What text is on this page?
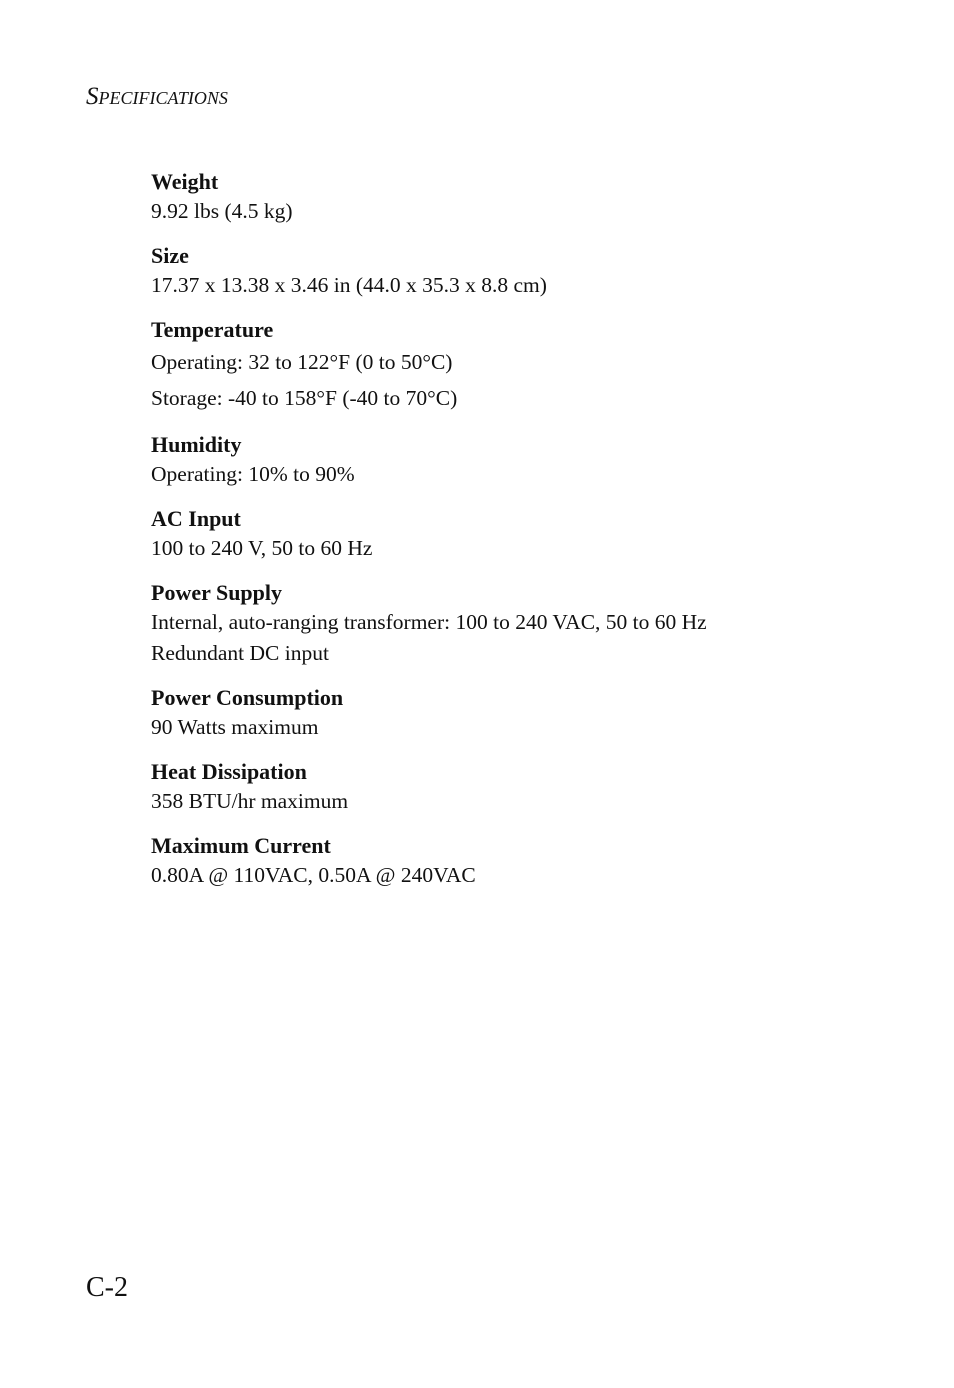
Specifications
Weight
9.92 lbs (4.5 kg)
Size
17.37 x 13.38 x 3.46 in (44.0 x 35.3 x 8.8 cm)
Temperature
Operating: 32 to 122°F (0 to 50°C)
Storage: -40 to 158°F (-40 to 70°C)
Humidity
Operating: 10% to 90%
AC Input
100 to 240 V, 50 to 60 Hz
Power Supply
Internal, auto-ranging transformer: 100 to 240 VAC, 50 to 60 Hz
Redundant DC input
Power Consumption
90 Watts maximum
Heat Dissipation
358 BTU/hr maximum
Maximum Current
0.80A @ 110VAC, 0.50A @ 240VAC
C-2
